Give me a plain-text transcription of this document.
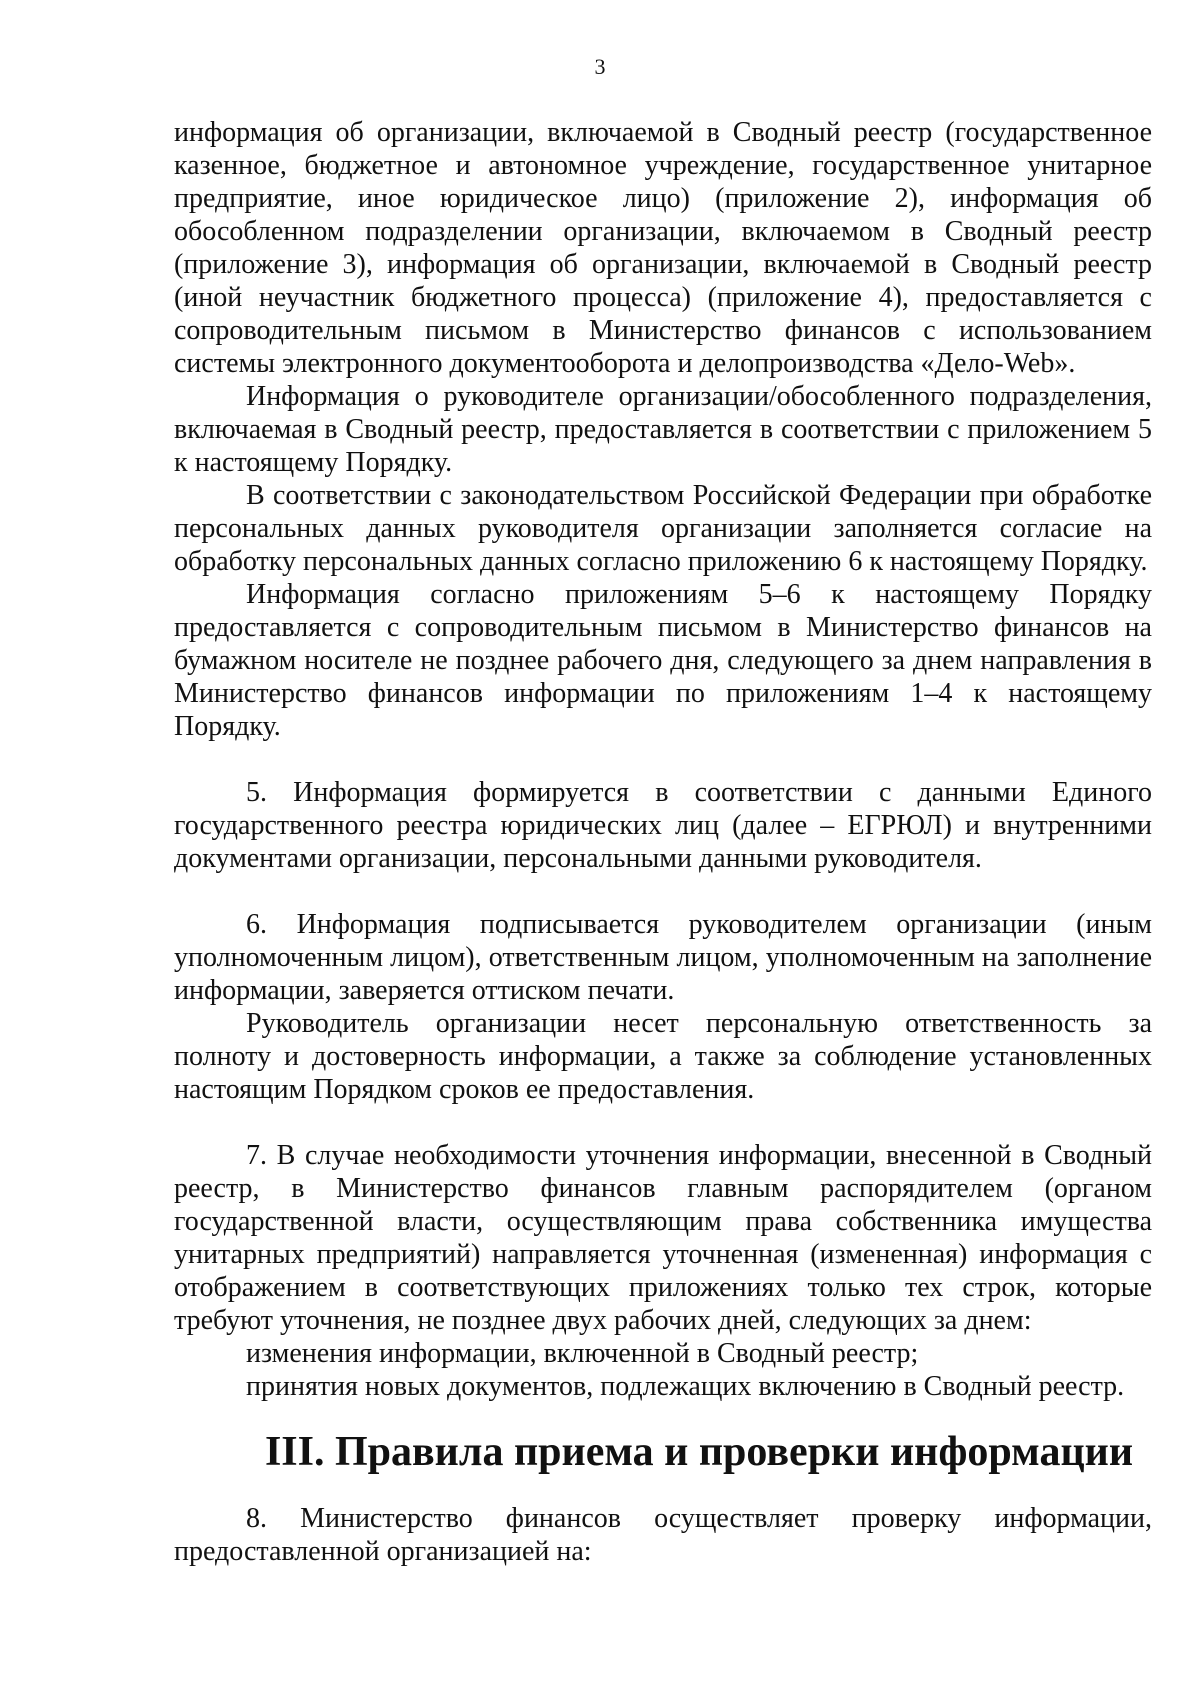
3

информация об организации, включаемой в Сводный реестр (государственное казенное, бюджетное и автономное учреждение, государственное унитарное предприятие, иное юридическое лицо) (приложение 2), информация об обособленном подразделении организации, включаемом в Сводный реестр (приложение 3), информация об организации, включаемой в Сводный реестр (иной неучастник бюджетного процесса) (приложение 4), предоставляется с сопроводительным письмом в Министерство финансов с использованием системы электронного документооборота и делопроизводства «Дело-Web».

Информация о руководителе организации/обособленного подразделения, включаемая в Сводный реестр, предоставляется в соответствии с приложением 5 к настоящему Порядку.

В соответствии с законодательством Российской Федерации при обработке персональных данных руководителя организации заполняется согласие на обработку персональных данных согласно приложению 6 к настоящему Порядку.

Информация согласно приложениям 5–6 к настоящему Порядку предоставляется с сопроводительным письмом в Министерство финансов на бумажном носителе не позднее рабочего дня, следующего за днем направления в Министерство финансов информации по приложениям 1–4 к настоящему Порядку.

5. Информация формируется в соответствии с данными Единого государственного реестра юридических лиц (далее – ЕГРЮЛ) и внутренними документами организации, персональными данными руководителя.

6. Информация подписывается руководителем организации (иным уполномоченным лицом), ответственным лицом, уполномоченным на заполнение информации, заверяется оттиском печати.

Руководитель организации несет персональную ответственность за полноту и достоверность информации, а также за соблюдение установленных настоящим Порядком сроков ее предоставления.

7. В случае необходимости уточнения информации, внесенной в Сводный реестр, в Министерство финансов главным распорядителем (органом государственной власти, осуществляющим права собственника имущества унитарных предприятий) направляется уточненная (измененная) информация с отображением в соответствующих приложениях только тех строк, которые требуют уточнения, не позднее двух рабочих дней, следующих за днем:

изменения информации, включенной в Сводный реестр;

принятия новых документов, подлежащих включению в Сводный реестр.

III. Правила приема и проверки информации

8. Министерство финансов осуществляет проверку информации, предоставленной организацией на:
